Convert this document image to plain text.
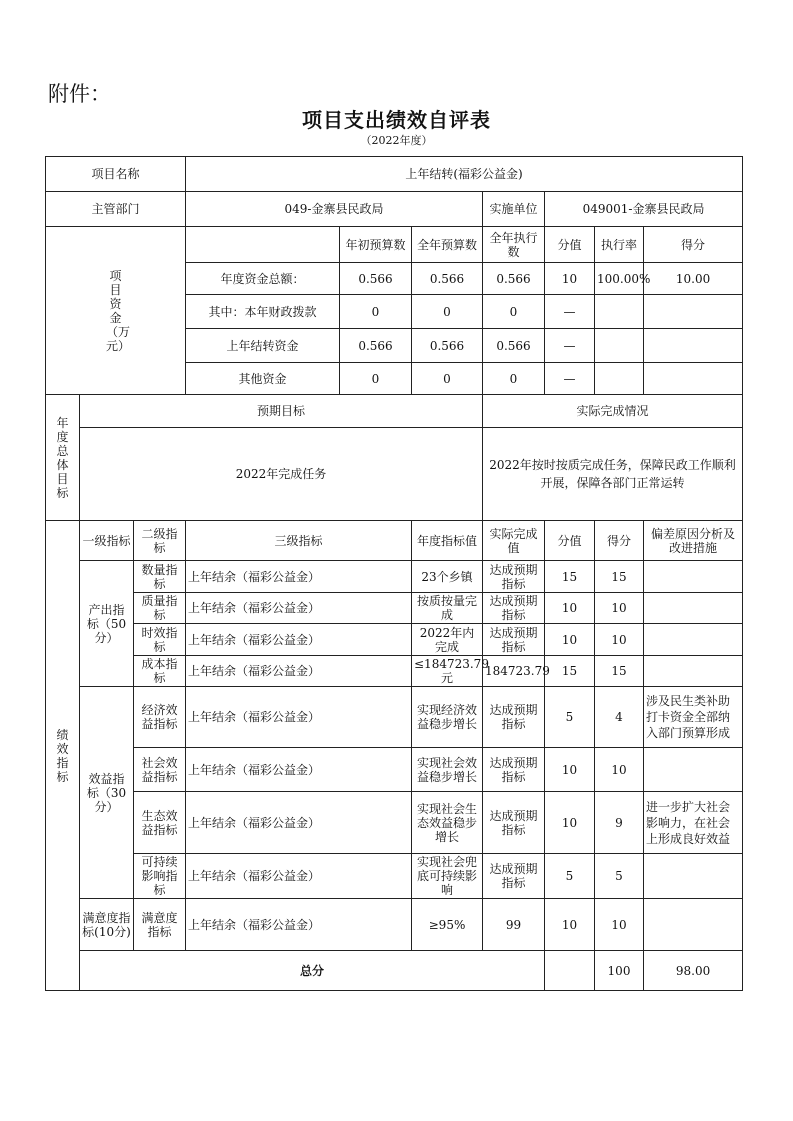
附件：
项目支出绩效自评表
（2022年度）
项目名称			上年结转(福彩公益金)							
主管部门			049-金寨县民政局			实施单位	049001-金寨县民政局			
项目资金（万元）				年初预算数	全年预算数	全年执行数	分值	执行率	得分	
			年度资金总额：	0.566	0.566	0.566	10	100.00%	10.00	
			其中：本年财政拨款	0	0	0	—			
			上年结转资金	0.566	0.566	0.566	—			
			其他资金	0	0	0	—			
年度总体目标	预期目标					实际完成情况				
	2022年完成任务					2022年按时按质完成任务，保障民政工作顺利开展，保障各部门正常运转				
绩效指标	一级指标	二级指标	三级指标		年度指标值	实际完成值	分值	得分	偏差原因分析及改进措施	
	产出指标（50分）	数量指标	上年结余（福彩公益金）		23个乡镇	达成预期指标	15	15		
		质量指标	上年结余（福彩公益金）		按质按量完成	达成预期指标	10	10		
		时效指标	上年结余（福彩公益金）		2022年内完成	达成预期指标	10	10		
		成本指标	上年结余（福彩公益金）		≤184723.79元	184723.79	15	15		
	效益指标（30分）	经济效益指标	上年结余（福彩公益金）		实现经济效益稳步增长	达成预期指标	5	4	涉及民生类补助打卡资金全部纳入部门预算形成	
		社会效益指标	上年结余（福彩公益金）		实现社会效益稳步增长	达成预期指标	10	10		
		生态效益指标	上年结余（福彩公益金）		实现社会生态效益稳步增长	达成预期指标	10	9	进一步扩大社会影响力，在社会上形成良好效益	
		可持续影响指标	上年结余（福彩公益金）		实现社会兜底可持续影响	达成预期指标	5	5		
	满意度指标(10分)	满意度指标	上年结余（福彩公益金）		≥95%	99	10	10		
	总分							100	98.00	
